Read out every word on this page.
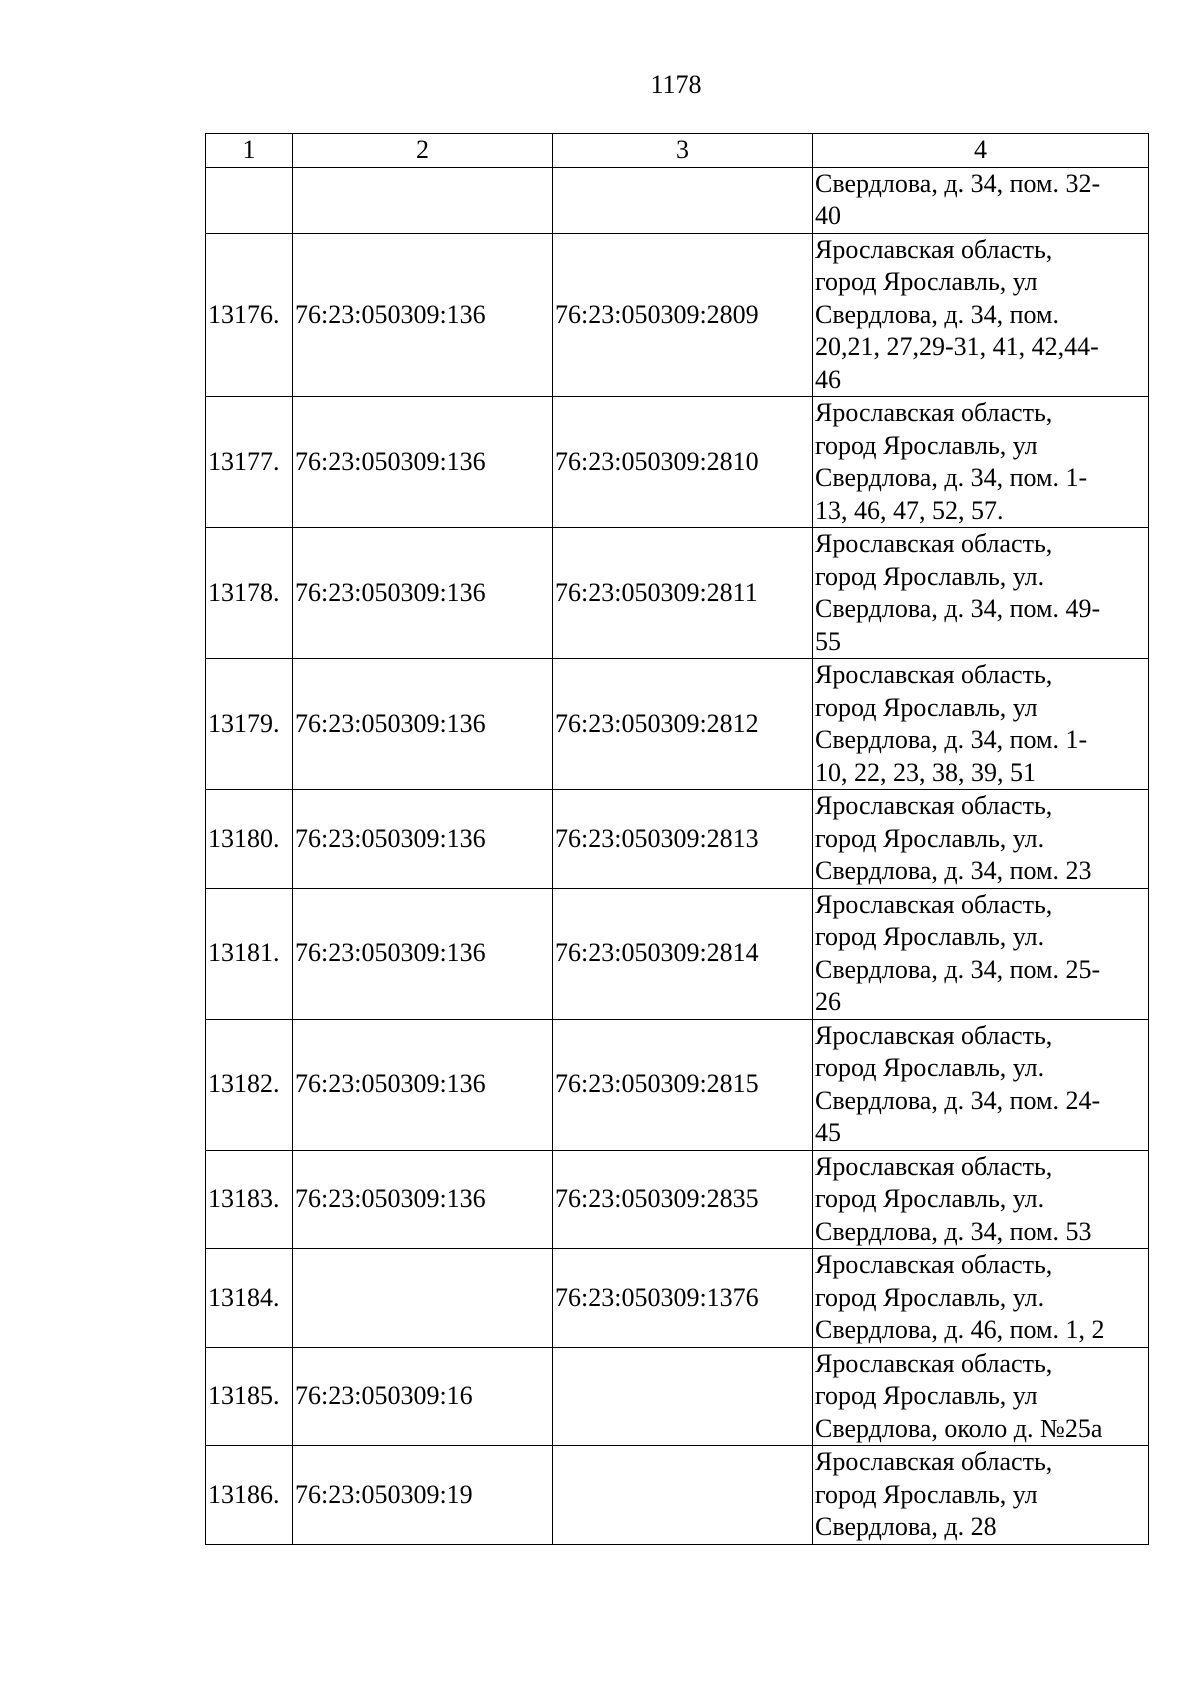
1178
1	2	3	4

			Свердлова, д. 34, пом. 32-
40

13176.	76:23:050309:136	76:23:050309:2809	Ярославская область,
город Ярославль, ул
Свердлова, д. 34, пом.
20,21, 27,29-31, 41, 42,44-
46

13177.	76:23:050309:136	76:23:050309:2810	Ярославская область,
город Ярославль, ул
Свердлова, д. 34, пом. 1-
13, 46, 47, 52, 57.

13178.	76:23:050309:136	76:23:050309:2811	Ярославская область,
город Ярославль, ул.
Свердлова, д. 34, пом. 49-
55

13179.	76:23:050309:136	76:23:050309:2812	Ярославская область,
город Ярославль, ул
Свердлова, д. 34, пом. 1-
10, 22, 23, 38, 39, 51

13180.	76:23:050309:136	76:23:050309:2813	Ярославская область,
город Ярославль, ул.
Свердлова, д. 34, пом. 23

13181.	76:23:050309:136	76:23:050309:2814	Ярославская область,
город Ярославль, ул.
Свердлова, д. 34, пом. 25-
26

13182.	76:23:050309:136	76:23:050309:2815	Ярославская область,
город Ярославль, ул.
Свердлова, д. 34, пом. 24-
45

13183.	76:23:050309:136	76:23:050309:2835	Ярославская область,
город Ярославль, ул.
Свердлова, д. 34, пом. 53

13184.		76:23:050309:1376	Ярославская область,
город Ярославль, ул.
Свердлова, д. 46, пом. 1, 2

13185.	76:23:050309:16		Ярославская область,
город Ярославль, ул
Свердлова, около д. №25а

13186.	76:23:050309:19		Ярославская область,
город Ярославль, ул
Свердлова, д. 28
